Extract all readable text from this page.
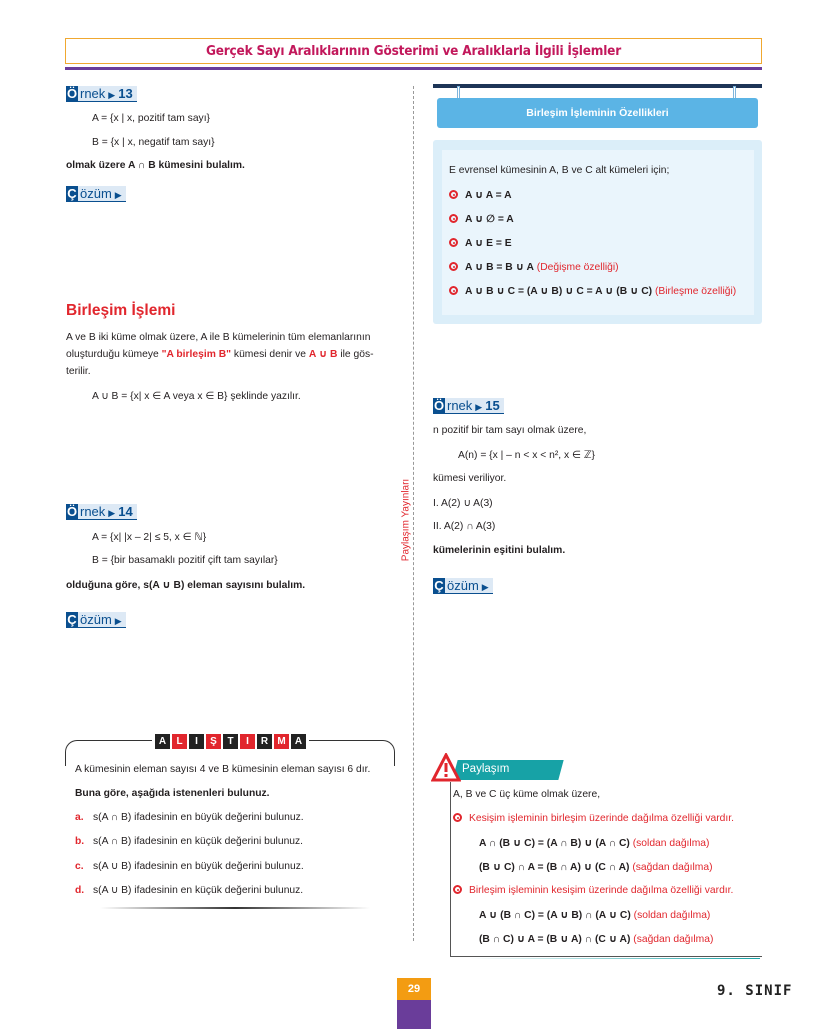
Gerçek Sayı Aralıklarının Gösterimi ve Aralıklarla İlgili İşlemler
Ö rnek ▶ 13
A = {x | x, pozitif tam sayı}
B = {x | x, negatif tam sayı}
olmak üzere A ∩ B kümesini bulalım.
Ç özüm ▶
Birleşim İşlemi
A ve B iki küme olmak üzere, A ile B kümelerinin tüm elemanlarının
oluşturduğu kümeye "A birleşim B" kümesi denir ve A ∪ B ile gös-
terilir.
A ∪ B = {x| x ∈ A veya x ∈ B} şeklinde yazılır.
Ö rnek ▶ 14
A = {x| |x – 2| ≤ 5, x ∈ ℕ}
B = {bir basamaklı pozitif çift tam sayılar}
olduğuna göre, s(A ∪ B) eleman sayısını bulalım.
Ç özüm ▶
A	L	I	Ş	T	I	R M A
A kümesinin eleman sayısı 4 ve B kümesinin eleman sayısı 6 dır.
Buna göre, aşağıda istenenleri bulunuz.
a. s(A ∩ B) ifadesinin en büyük değerini bulunuz.
b. s(A ∩ B) ifadesinin en küçük değerini bulunuz.
c. s(A ∪ B) ifadesinin en büyük değerini bulunuz.
d. s(A ∪ B) ifadesinin en küçük değerini bulunuz.
Paylaşım Yayınları
Birleşim İşleminin Özellikleri
E evrensel kümesinin A, B ve C alt kümeleri için;
A ∪ A = A
A ∪ ∅ = A
A ∪ E = E
A ∪ B = B ∪ A (Değişme özelliği)
A ∪ B ∪ C = (A ∪ B) ∪ C = A ∪ (B ∪ C) (Birleşme özelliği)
Ö rnek ▶ 15
n pozitif bir tam sayı olmak üzere,
A(n) = {x | – n < x < n², x ∈ ℤ}
kümesi veriliyor.
I. A(2) ∪ A(3)
II. A(2) ∩ A(3)
kümelerinin eşitini bulalım.
Ç özüm ▶
Paylaşım
A, B ve C üç küme olmak üzere,
Kesişim işleminin birleşim üzerinde dağılma özelliği vardır.
A ∩ (B ∪ C) = (A ∩ B) ∪ (A ∩ C) (soldan dağılma)
(B ∪ C) ∩ A = (B ∩ A) ∪ (C ∩ A) (sağdan dağılma)
Birleşim işleminin kesişim üzerinde dağılma özelliği vardır.
A ∪ (B ∩ C) = (A ∪ B) ∩ (A ∪ C) (soldan dağılma)
(B ∩ C) ∪ A = (B ∪ A) ∩ (C ∪ A) (sağdan dağılma)
29	9. SINIF
